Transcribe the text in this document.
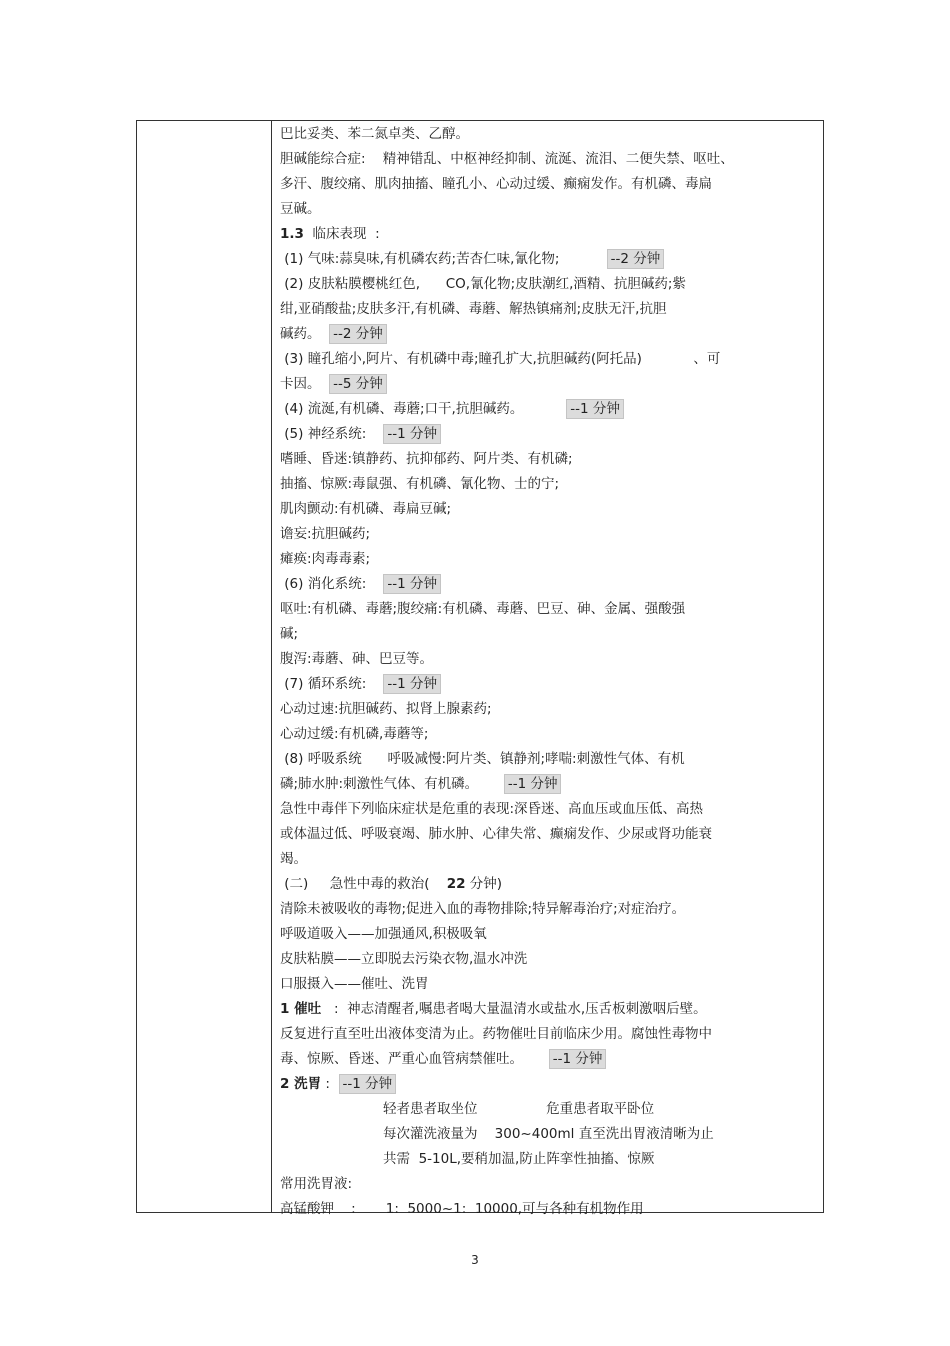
巴比妥类、苯二氮卓类、乙醇。
胆碱能综合症:    精神错乱、中枢神经抑制、流涎、流泪、二便失禁、呕吐、
多汗、腹绞痛、肌肉抽搐、瞳孔小、心动过缓、癫痫发作。有机磷、毒扁
豆碱。
1.3  临床表现  :
(1) 气味:蒜臭味,有机磷农药;苦杏仁味,氰化物;           --2 分钟
(2) 皮肤粘膜樱桃红色,      CO,氰化物;皮肤潮红,酒精、抗胆碱药;紫
绀,亚硝酸盐;皮肤多汗,有机磷、毒蘑、解热镇痛剂;皮肤无汗,抗胆
碱药。  --2 分钟
(3) 瞳孔缩小,阿片、有机磷中毒;瞳孔扩大,抗胆碱药(阿托品)            、可
卡因。  --5 分钟
(4) 流涎,有机磷、毒蘑;口干,抗胆碱药。          --1 分钟
(5) 神经系统:    --1 分钟
嗜睡、昏迷:镇静药、抗抑郁药、阿片类、有机磷;
抽搐、惊厥:毒鼠强、有机磷、氰化物、士的宁;
肌肉颤动:有机磷、毒扁豆碱;
谵妄:抗胆碱药;
瘫痪:肉毒毒素;
(6) 消化系统:    --1 分钟
呕吐:有机磷、毒蘑;腹绞痛:有机磷、毒蘑、巴豆、砷、金属、强酸强
碱;
腹泻:毒蘑、砷、巴豆等。
(7) 循环系统:    --1 分钟
心动过速:抗胆碱药、拟肾上腺素药;
心动过缓:有机磷,毒蘑等;
(8) 呼吸系统      呼吸减慢:阿片类、镇静剂;哮喘:刺激性气体、有机
磷;肺水肿:刺激性气体、有机磷。      --1 分钟
急性中毒伴下列临床症状是危重的表现:深昏迷、高血压或血压低、高热
或体温过低、呼吸衰竭、肺水肿、心律失常、癫痫发作、少尿或肾功能衰
竭。
(二)     急性中毒的救治(    22 分钟)
清除未被吸收的毒物;促进入血的毒物排除;特异解毒治疗;对症治疗。
呼吸道吸入——加强通风,积极吸氧
皮肤粘膜——立即脱去污染衣物,温水冲洗
口服摄入——催吐、洗胃
1 催吐   :  神志清醒者,嘱患者喝大量温清水或盐水,压舌板刺激咽后壁。
反复进行直至吐出液体变清为止。药物催吐目前临床少用。腐蚀性毒物中
毒、惊厥、昏迷、严重心血管病禁催吐。      --1 分钟
2 洗胃 :  --1 分钟
轻者患者取坐位                危重患者取平卧位
每次灌洗液量为    300~400ml 直至洗出胃液清晰为止
共需  5-10L,要稍加温,防止阵挛性抽搐、惊厥
常用洗胃液:
高锰酸钾    :       1:  5000~1:  10000,可与各种有机物作用
3
